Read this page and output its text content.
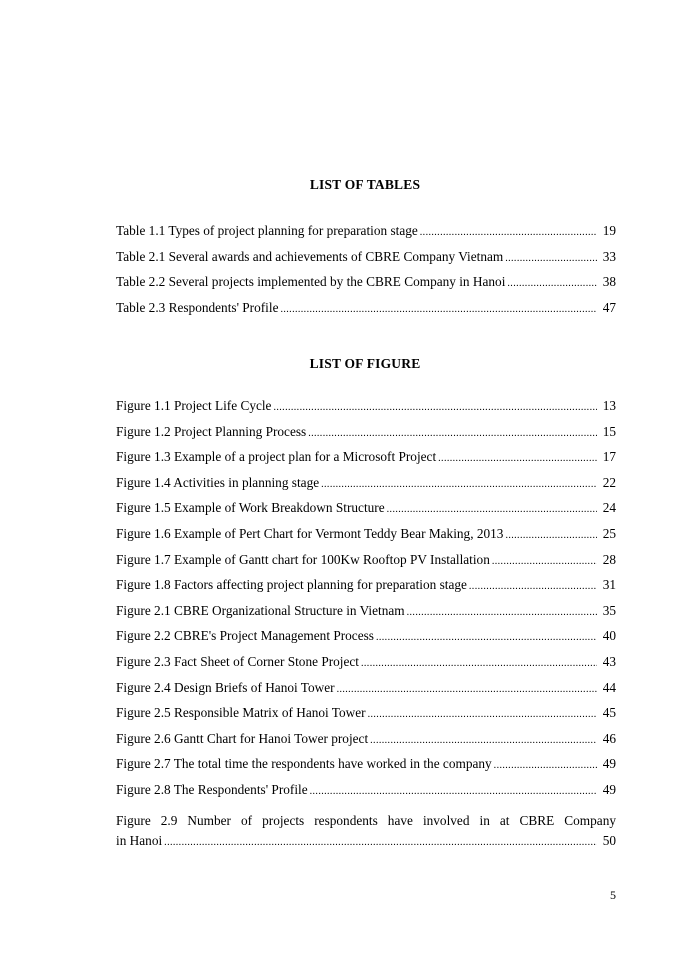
LIST OF TABLES
Table 1.1 Types of project planning for preparation stage .....	19
Table 2.1 Several awards and achievements of CBRE Company Vietnam .....	33
Table 2.2 Several projects implemented by the CBRE Company in Hanoi .....	38
Table 2.3 Respondents' Profile .....	47
LIST OF FIGURE
Figure 1.1 Project Life Cycle .....	13
Figure 1.2 Project Planning Process .....	15
Figure 1.3 Example of a project plan for a Microsoft Project .....	17
Figure 1.4 Activities in planning stage .....	22
Figure 1.5 Example of Work Breakdown Structure .....	24
Figure 1.6 Example of Pert Chart for Vermont Teddy Bear Making, 2013 .....	25
Figure 1.7 Example of Gantt chart for 100Kw Rooftop PV Installation .....	28
Figure 1.8 Factors affecting project planning for preparation stage .....	31
Figure 2.1 CBRE Organizational Structure in Vietnam .....	35
Figure 2.2 CBRE's Project Management Process .....	40
Figure 2.3 Fact Sheet of Corner Stone Project .....	43
Figure 2.4 Design Briefs of Hanoi Tower .....	44
Figure 2.5 Responsible Matrix of Hanoi Tower .....	45
Figure 2.6 Gantt Chart for Hanoi Tower project .....	46
Figure 2.7 The total time the respondents have worked in the company .....	49
Figure 2.8 The Respondents' Profile .....	49
Figure 2.9 Number of projects respondents have involved in at CBRE Company
in Hanoi .....	50
5
